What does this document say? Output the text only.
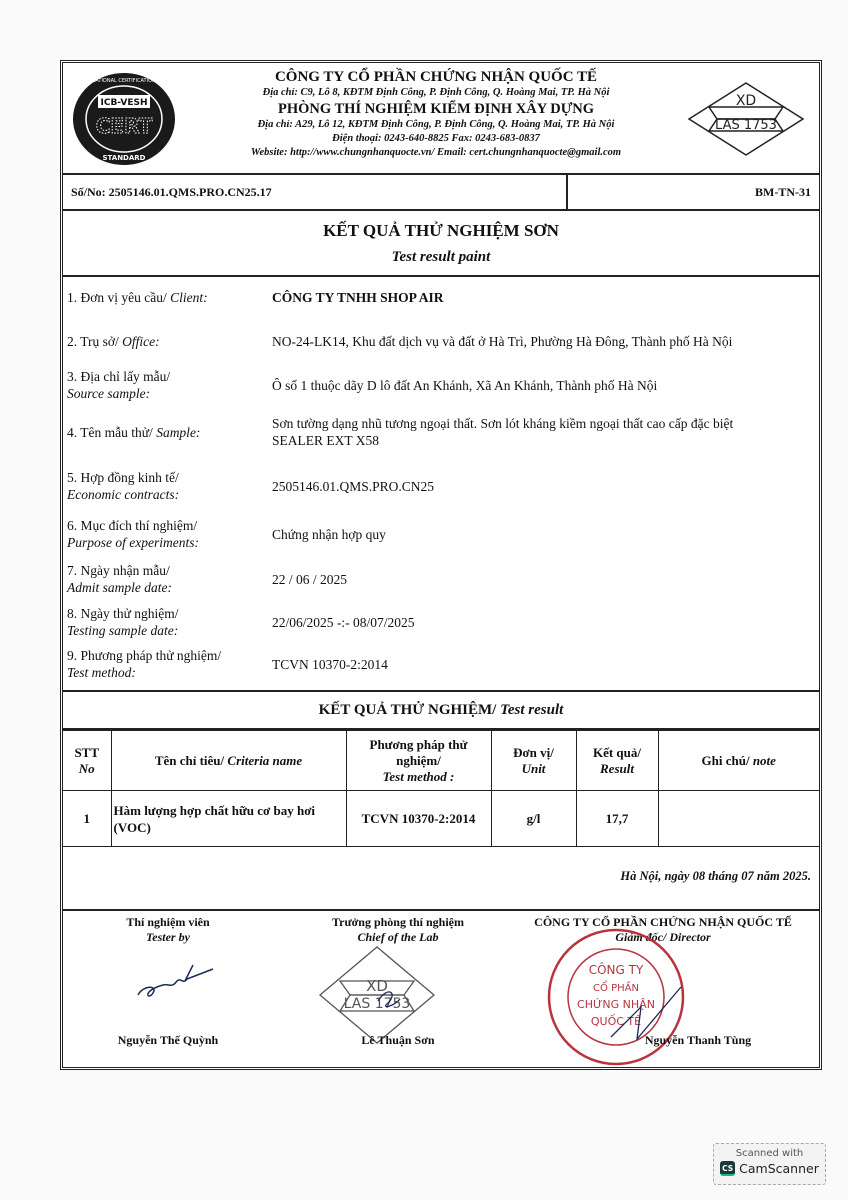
ICB-VESH
CERT
STANDARD
INTERNATIONAL CERTIFICATION BODY	CÔNG TY CỔ PHẦN CHỨNG NHẬN QUỐC TẾ
Địa chỉ: C9, Lô 8, KĐTM Định Công, P. Định Công, Q. Hoàng Mai, TP. Hà Nội
PHÒNG THÍ NGHIỆM KIỂM ĐỊNH XÂY DỰNG
Địa chỉ: A29, Lô 12, KĐTM Định Công, P. Định Công, Q. Hoàng Mai, TP. Hà Nội
Điện thoại: 0243-640-8825 Fax: 0243-683-0837
Website: http://www.chungnhanquocte.vn/ Email: cert.chungnhanquocte@gmail.com
XD
LAS 1753
Số/No: 2505146.01.QMS.PRO.CN25.17	BM-TN-31
KẾT QUẢ THỬ NGHIỆM SƠN
Test result paint
1. Đơn vị yêu cầu/ Client:	CÔNG TY TNHH SHOP AIR
2. Trụ sở/ Office:	NO-24-LK14, Khu đất dịch vụ và đất ở Hà Trì, Phường Hà Đông, Thành phố Hà Nội
3. Địa chỉ lấy mẫu/
Source sample:
Ô số 1 thuộc dãy D lô đất An Khánh, Xã An Khánh, Thành phố Hà Nội
4. Tên mẫu thử/ Sample:
Sơn tường dạng nhũ tương ngoại thất. Sơn lót kháng kiềm ngoại thất cao cấp đặc biệt SEALER EXT X58
5. Hợp đồng kinh tế/
Economic contracts:
2505146.01.QMS.PRO.CN25
6. Mục đích thí nghiệm/
Purpose of experiments:
Chứng nhận hợp quy
7. Ngày nhận mẫu/
Admit sample date:
22 / 06 / 2025
8. Ngày thử nghiệm/
Testing sample date:
22/06/2025 -:- 08/07/2025
9. Phương pháp thử nghiệm/
Test method:
TCVN 10370-2:2014
KẾT QUẢ THỬ NGHIỆM/ Test result
STT
No	Tên chỉ tiêu/ Criteria name	Phương pháp thử nghiệm/
Test method :	Đơn vị/
Unit	Kết quả/
Result	Ghi chú/ note
1	Hàm lượng hợp chất hữu cơ bay hơi (VOC)	TCVN 10370-2:2014	g/l	17,7	
Hà Nội, ngày 08 tháng 07 năm 2025.
Thí nghiệm viên
Tester by
Nguyễn Thế Quỳnh
Trưởng phòng thí nghiệm
Chief of the Lab
XD
LAS 1753
Lê Thuận Sơn
CÔNG TY CỔ PHẦN CHỨNG NHẬN QUỐC TẾ
Giám đốc/ Director
CÔNG TY
CỔ PHẦN
CHỨNG NHẬN
QUỐC TẾ
Nguyễn Thanh Tùng
Scanned with
CS CamScanner
